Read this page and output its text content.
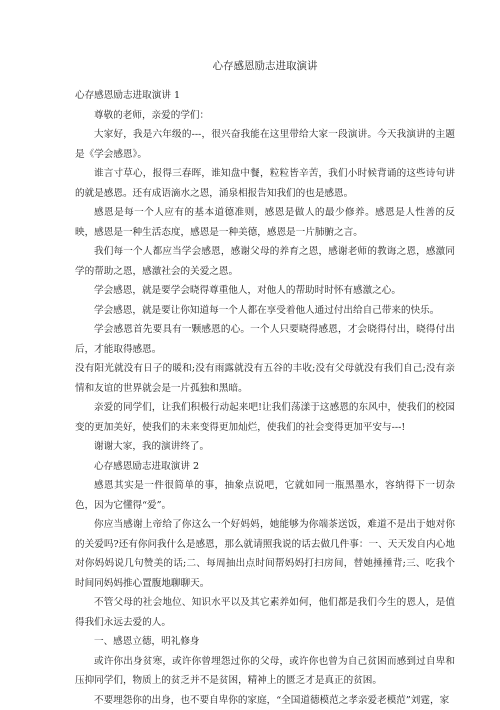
心存感恩励志进取演讲

心存感恩励志进取演讲 1

尊敬的老师，亲爱的学们：

大家好，我是六年级的---，很兴奋我能在这里带给大家一段演讲。今天我演讲的主题是《学会感恩》。

谁言寸草心，报得三春晖，谁知盘中餐，粒粒皆辛苦，我们小时候背诵的这些诗句讲的就是感恩。还有成语滴水之恩，涌泉相报告知我们的也是感恩。

感恩是每一个人应有的基本道德准则，感恩是做人的最少修养。感恩是人性善的反映，感恩是一种生活态度，感恩是一种美德，感恩是一片肺腑之言。

我们每一个人都应当学会感恩，感谢父母的养育之恩，感谢老师的教诲之恩，感激同学的帮助之恩，感激社会的关爱之恩。

学会感恩，就是要学会晓得尊重他人，对他人的帮助时时怀有感激之心。

学会感恩，就是要让你知道每一个人都在享受着他人通过付出给自己带来的快乐。

学会感恩首先要具有一颗感恩的心。一个人只要晓得感恩，才会晓得付出，晓得付出后，才能取得感恩。

没有阳光就没有日子的暖和;没有雨露就没有五谷的丰收;没有父母就没有我们自己;没有亲情和友谊的世界就会是一片孤独和黑暗。

亲爱的同学们，让我们积极行动起来吧!让我们荡漾于这感恩的东风中，使我们的校园变的更加美好，使我们的未来变得更加灿烂，使我们的社会变得更加平安与---!

谢谢大家，我的演讲终了。

心存感恩励志进取演讲 2

感恩其实是一件很简单的事，抽象点说吧，它就如同一瓶黑墨水，容纳得下一切杂色，因为它懂得“爱”。

你应当感谢上帝给了你这么一个好妈妈，她能够为你端茶送饭，难道不是出于她对你的关爱吗?还有你问我什么是感恩，那么就请照我说的话去做几件事：一、天天发自内心地对你妈妈说几句赞美的话;二、每周抽出点时间帮妈妈打扫房间，替她捶捶背;三、吃我个时间同妈妈推心置腹地聊聊天。

不管父母的社会地位、知识水平以及其它素养如何，他们都是我们今生的恩人，是值得我们永远去爱的人。

一、感恩立德，明礼修身

或许你出身贫寒，或许你曾埋怨过你的父母，或许你也曾为自己贫困而感到过自卑和压抑同学们，物质上的贫乏并不是贫困，精神上的匮乏才是真正的贫困。

不要埋怨你的出身，也不要自卑你的家庭，“全国道德模范之孝亲爱老模范”刘霆，家
